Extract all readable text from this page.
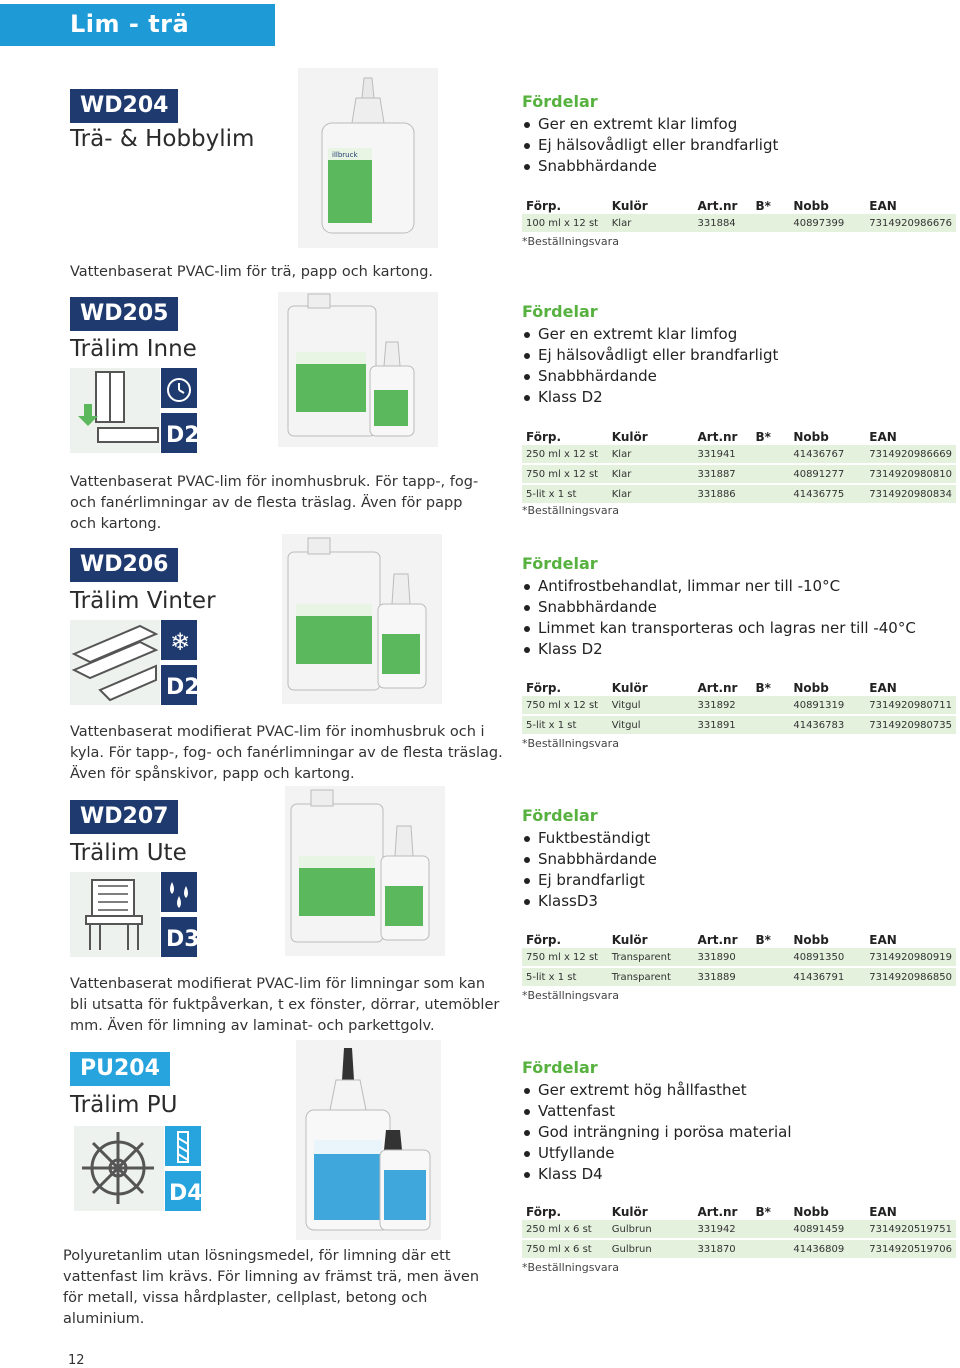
Lim - trä
WD204
Trä- & Hobbylim
illbruck
Vattenbaserat PVAC-lim för trä, papp och kartong.
Fördelar
Ger en extremt klar limfog
Ej hälsovådligt eller brandfarligt
Snabbhärdande
Förp.	Kulör	Art.nr	B*	Nobb	EAN
100 ml x 12 st	Klar	331884		40897399	7314920986676
*Beställningsvara
WD205
Trälim Inne
D2
Vattenbaserat PVAC-lim för inomhusbruk. För tapp-, fog- och fanérlimningar av de flesta träslag. Även för papp och kartong.
Fördelar
Ger en extremt klar limfog
Ej hälsovådligt eller brandfarligt
Snabbhärdande
Klass D2
Förp.	Kulör	Art.nr	B*	Nobb	EAN
250 ml x 12 st	Klar	331941		41436767	7314920986669
750 ml x 12 st	Klar	331887		40891277	7314920980810
5-lit x 1 st	Klar	331886		41436775	7314920980834
*Beställningsvara
WD206
Trälim Vinter
❄
D2
Vattenbaserat modifierat PVAC-lim för inomhusbruk och i kyla. För tapp-, fog- och fanérlimningar av de flesta träslag. Även för spånskivor, papp och kartong.
Fördelar
Antifrostbehandlat, limmar ner till -10°C
Snabbhärdande
Limmet kan transporteras och lagras ner till -40°C
Klass D2
Förp.	Kulör	Art.nr	B*	Nobb	EAN
750 ml x 12 st	Vitgul	331892		40891319	7314920980711
5-lit x 1 st	Vitgul	331891		41436783	7314920980735
*Beställningsvara
WD207
Trälim Ute
D3
Vattenbaserat modifierat PVAC-lim för limningar som kan bli utsatta för fuktpåverkan, t ex fönster, dörrar, utemöbler mm. Även för limning av laminat- och parkettgolv.
Fördelar
Fuktbeständigt
Snabbhärdande
Ej brandfarligt
KlassD3
Förp.	Kulör	Art.nr	B*	Nobb	EAN
750 ml x 12 st	Transparent	331890		40891350	7314920980919
5-lit x 1 st	Transparent	331889		41436791	7314920986850
*Beställningsvara
PU204
Trälim PU
D4
Polyuretanlim utan lösningsmedel, för limning där ett vattenfast lim krävs. För limning av främst trä, men även för metall, vissa hårdplaster, cellplast, betong och aluminium.
Fördelar
Ger extremt hög hållfasthet
Vattenfast
God inträngning i porösa material
Utfyllande
Klass D4
Förp.	Kulör	Art.nr	B*	Nobb	EAN
250 ml x 6 st	Gulbrun	331942		40891459	7314920519751
750 ml x 6 st	Gulbrun	331870		41436809	7314920519706
*Beställningsvara
12
